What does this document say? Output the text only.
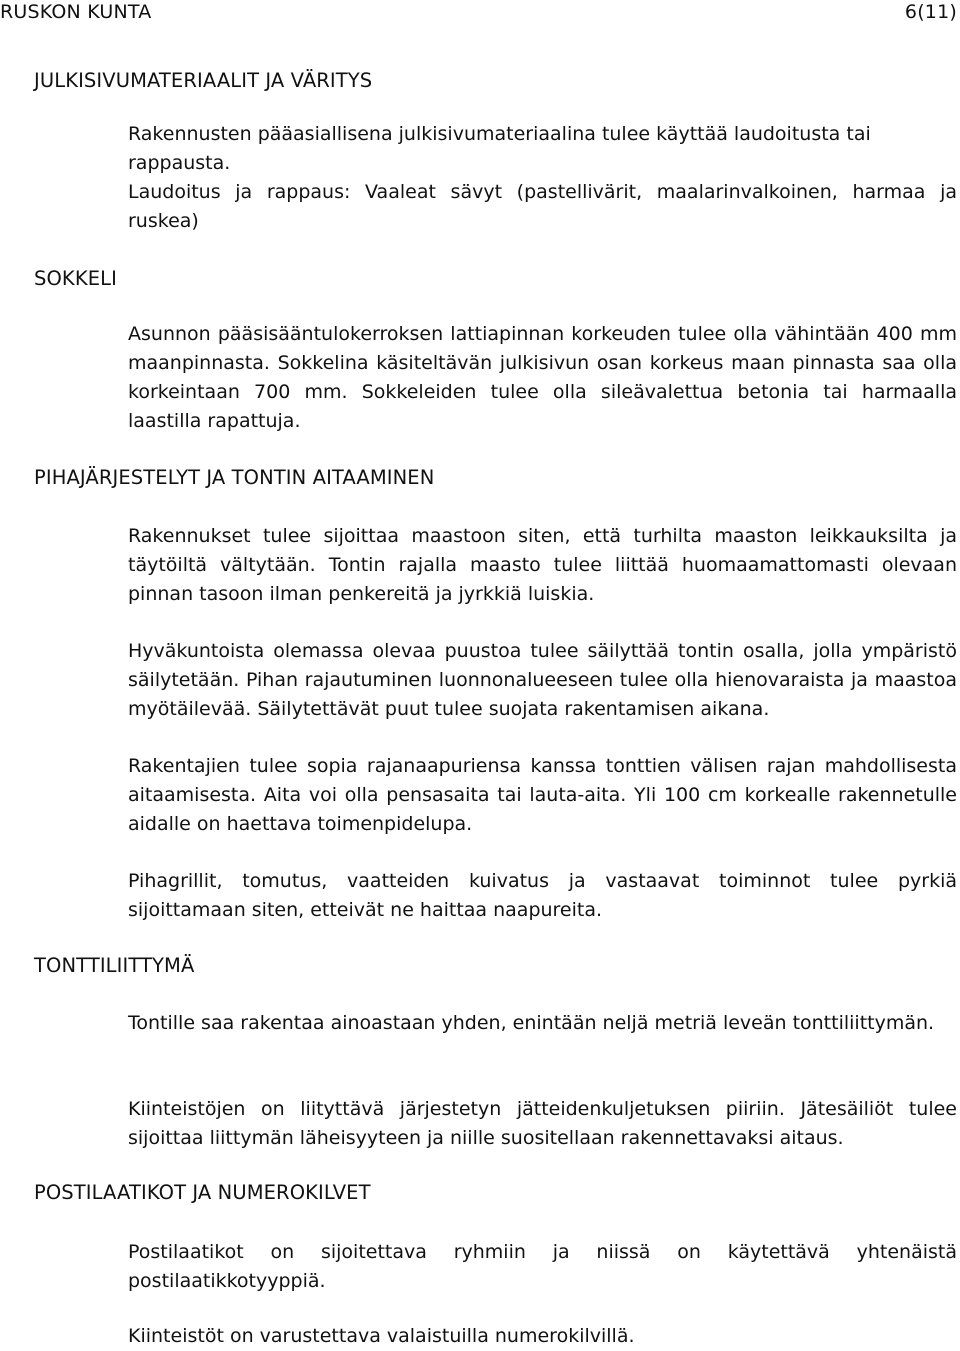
RUSKON KUNTA	6(11)
JULKISIVUMATERIAALIT JA VÄRITYS

Rakennusten pääasiallisena julkisivumateriaalina tulee käyttää laudoitusta tai rappausta.

Laudoitus ja rappaus: Vaaleat sävyt (pastellivärit, maalarinvalkoinen, harmaa ja ruskea)

SOKKELI

Asunnon pääsisääntulokerroksen lattiapinnan korkeuden tulee olla vähintään 400 mm maanpinnasta. Sokkelina käsiteltävän julkisivun osan korkeus maan pinnasta saa olla korkeintaan 700 mm. Sokkeleiden tulee olla sileävalettua betonia tai harmaalla laastilla rapattuja.

PIHAJÄRJESTELYT JA TONTIN AITAAMINEN

Rakennukset tulee sijoittaa maastoon siten, että turhilta maaston leikkauksilta ja täytöiltä vältytään. Tontin rajalla maasto tulee liittää huomaamattomasti olevaan pinnan tasoon ilman penkereitä ja jyrkkiä luiskia.

Hyväkuntoista olemassa olevaa puustoa tulee säilyttää tontin osalla, jolla ympäristö säilytetään. Pihan rajautuminen luonnonalueeseen tulee olla hienovaraista ja maastoa myötäilevää. Säilytettävät puut tulee suojata rakentamisen aikana.

Rakentajien tulee sopia rajanaapuriensa kanssa tonttien välisen rajan mahdollisesta aitaamisesta. Aita voi olla pensasaita tai lauta-aita. Yli 100 cm korkealle rakennetulle aidalle on haettava toimenpidelupa.

Pihagrillit, tomutus, vaatteiden kuivatus ja vastaavat toiminnot tulee pyrkiä sijoittamaan siten, etteivät ne haittaa naapureita.

TONTTILIITTYMÄ

Tontille saa rakentaa ainoastaan yhden, enintään neljä metriä leveän tonttiliittymän.

Kiinteistöjen on liityttävä järjestetyn jätteidenkuljetuksen piiriin. Jätesäiliöt tulee sijoittaa liittymän läheisyyteen ja niille suositellaan rakennettavaksi aitaus.

POSTILAATIKOT JA NUMEROKILVET

Postilaatikot on sijoitettava ryhmiin ja niissä on käytettävä yhtenäistä postilaatikkotyyppiä.

Kiinteistöt on varustettava valaistuilla numerokilvillä.
